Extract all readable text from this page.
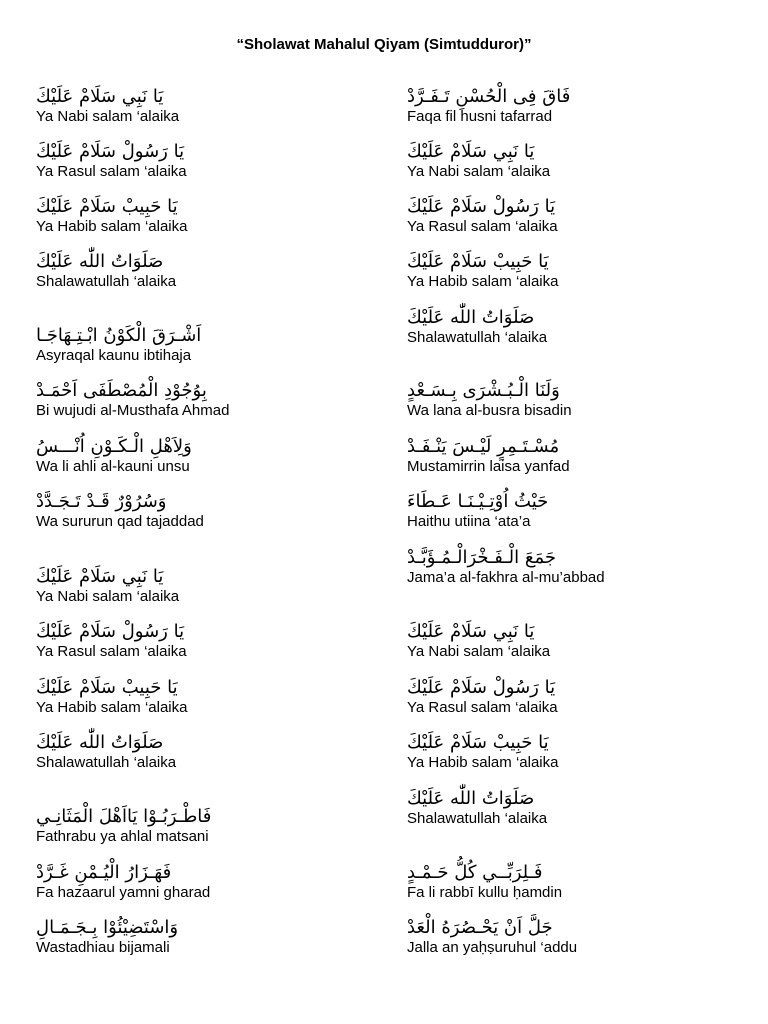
“Sholawat Mahalul Qiyam (Simtudduror)”
يَا نَبِي سَلَامْ عَلَيْكَ
Ya Nabi salam ‘alaika
يَا رَسُولْ سَلَامْ عَلَيْكَ
Ya Rasul salam ‘alaika
يَا حَبِيبْ سَلَامْ عَلَيْكَ
Ya Habib salam ‘alaika
صَلَوَاتُ اللّٰه عَلَيْكَ
Shalawatullah ‘alaika
اَشْـرَقَ الْكَوْنُ ابْـتِـهَاجَـا
Asyraqal kaunu ibtihaja
بِوُجُوْدِ الْمُصْطَفَى اَحْمَـدْ
Bi wujudi al-Musthafa Ahmad
وَلِاَهْلِ الْـكَـوْنِ اُنْـــسُ
Wa li ahli al-kauni unsu
وَسُرُوْرٌ قَـدْ تَـجَـدَّدْ
Wa sururun qad tajaddad
يَا نَبِي سَلَامْ عَلَيْكَ
Ya Nabi salam ‘alaika
يَا رَسُولْ سَلَامْ عَلَيْكَ
Ya Rasul salam ‘alaika
يَا حَبِيبْ سَلَامْ عَلَيْكَ
Ya Habib salam ‘alaika
صَلَوَاتُ اللّٰه عَلَيْكَ
Shalawatullah ‘alaika
فَاطْـرَبُـوْا يَااَهْلَ الْمَثَانِـي
Fathrabu ya ahlal matsani
فَهَـزَارُ الْيُـمْنِ غَـرَّدْ
Fa hazaarul yamni gharad
وَاسْتَضِيْئُوْا بِـجَـمَـالِ
Wastadhiau bijamali
فَاقَ فِى الْحُسْنِ تَـفَـرَّدْ
Faqa fil husni tafarrad
يَا نَبِي سَلَامْ عَلَيْكَ
Ya Nabi salam ‘alaika
يَا رَسُولْ سَلَامْ عَلَيْكَ
Ya Rasul salam ‘alaika
يَا حَبِيبْ سَلَامْ عَلَيْكَ
Ya Habib salam ‘alaika
صَلَوَاتُ اللّٰه عَلَيْكَ
Shalawatullah ‘alaika
وَلَنَا الْـبُـشْرَى بِـسَـعْدٍ
Wa lana al-busra bisadin
مُسْـتَـمِرٍ لَيْـسَ يَنْـفَـدْ
Mustamirrin laisa yanfad
حَيْثُ اُوْتِـيْـنَـا عَـطَاءَ
Haithu utiina ‘ata’a
جَمَعَ الْـفَـخْرَالْـمُـؤَبَّـدْ
Jama’a al-fakhra al-mu’abbad
يَا نَبِي سَلَامْ عَلَيْكَ
Ya Nabi salam ‘alaika
يَا رَسُولْ سَلَامْ عَلَيْكَ
Ya Rasul salam ‘alaika
يَا حَبِيبْ سَلَامْ عَلَيْكَ
Ya Habib salam ‘alaika
صَلَوَاتُ اللّٰه عَلَيْكَ
Shalawatullah ‘alaika
فَـلِرَبِّــي كُلُّ حَـمْـدٍ
Fa li rabbī kullu ḥamdin
جَلَّ اَنْ يَحْـصُرَهُ الْعَدْ
Jalla an yaḥṣuruhul ‘addu
